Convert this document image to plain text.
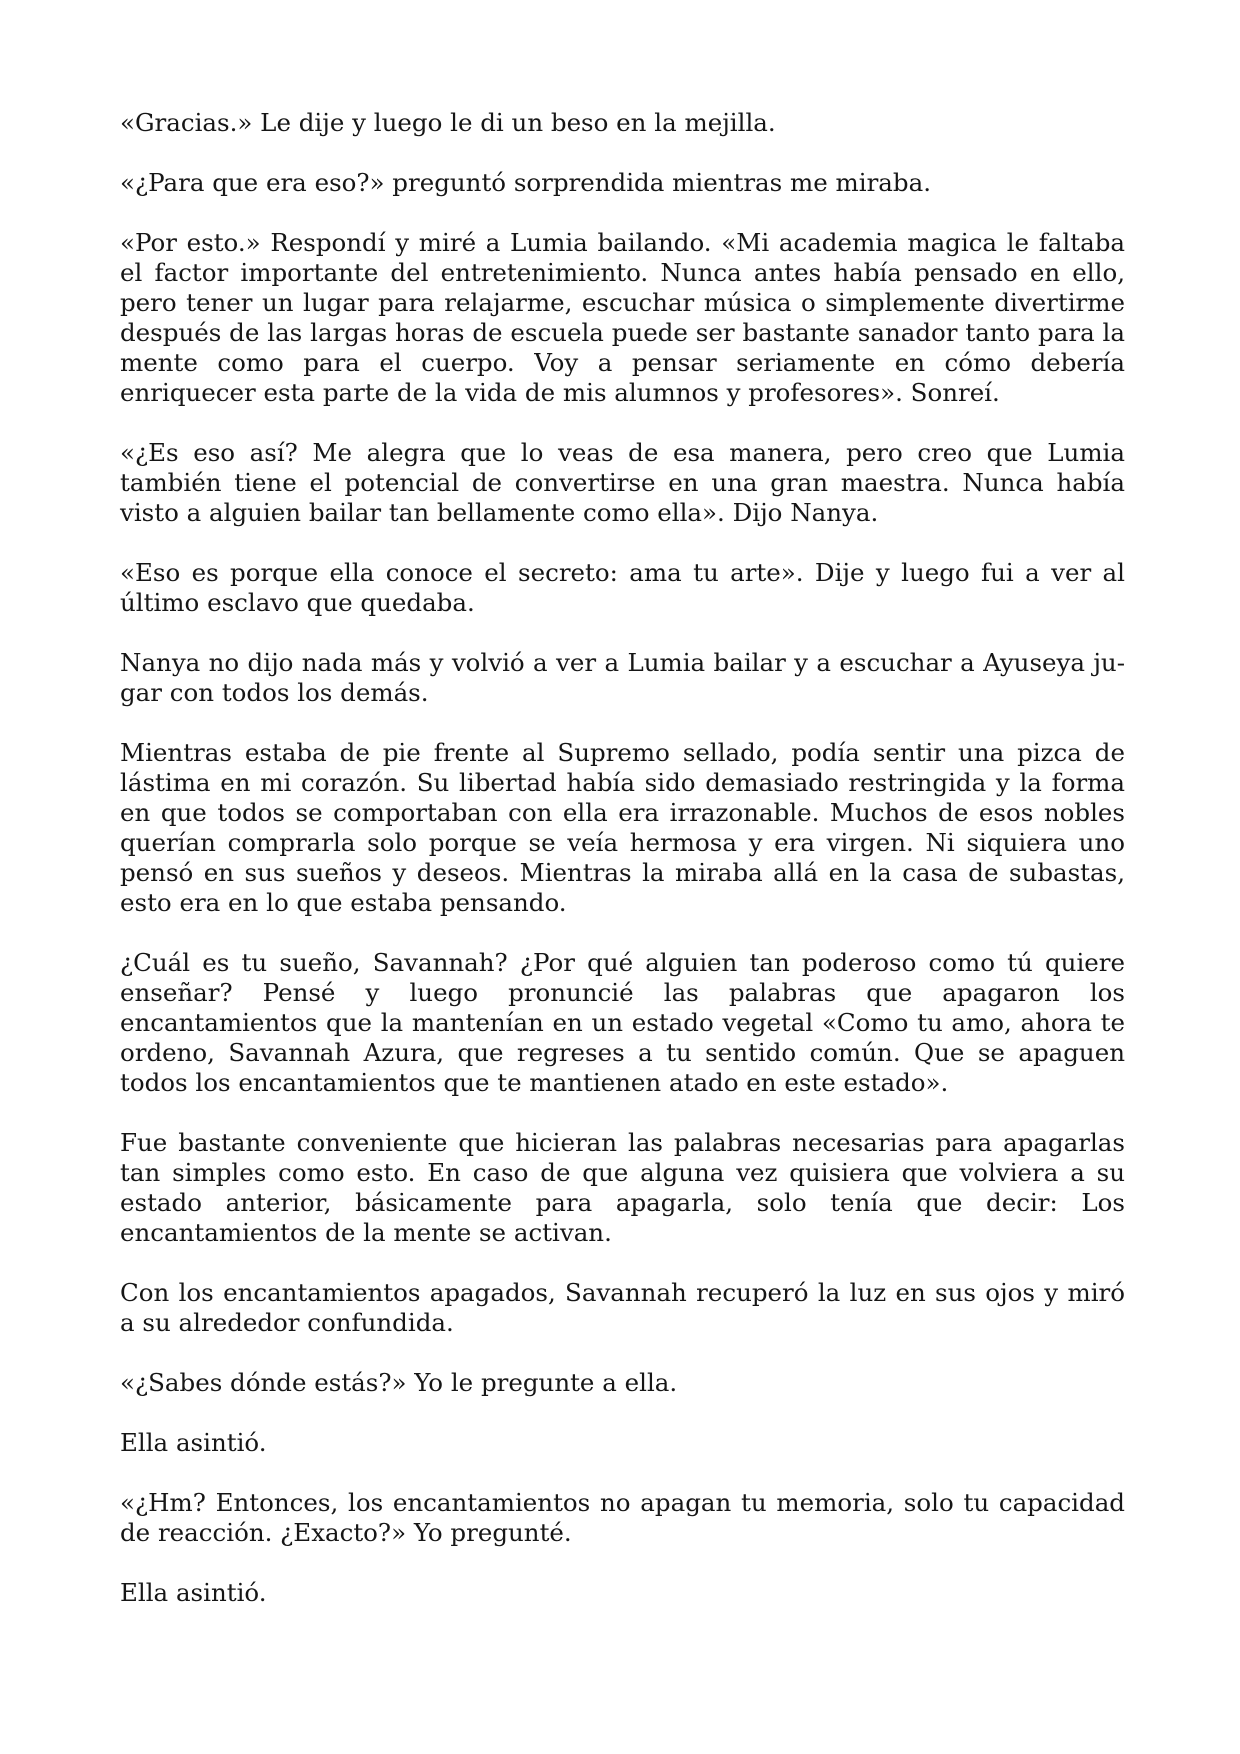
«Gracias.» Le dije y luego le di un beso en la mejilla.

«¿Para que era eso?» preguntó sorprendida mientras me miraba.

«Por esto.» Respondí y miré a Lumia bailando. «Mi academia magica le faltaba el factor importante del entretenimiento. Nunca antes había pensado en ello, pero tener un lugar para relajarme, escuchar música o simplemente divertirme después de las largas horas de escuela puede ser bastante sanador tanto para la mente como para el cuerpo. Voy a pensar seriamente en cómo debería enriquecer esta parte de la vida de mis alumnos y profesores». Sonreí.

«¿Es eso así? Me alegra que lo veas de esa manera, pero creo que Lumia también tiene el potencial de convertirse en una gran maestra. Nunca había visto a alguien bailar tan bellamente como ella». Dijo Nanya.

«Eso es porque ella conoce el secreto: ama tu arte». Dije y luego fui a ver al último esclavo que quedaba.

Nanya no dijo nada más y volvió a ver a Lumia bailar y a escuchar a Ayuseya jugar con todos los demás.

Mientras estaba de pie frente al Supremo sellado, podía sentir una pizca de lástima en mi corazón. Su libertad había sido demasiado restringida y la forma en que todos se comportaban con ella era irrazonable. Muchos de esos nobles querían comprarla solo porque se veía hermosa y era virgen. Ni siquiera uno pensó en sus sueños y deseos. Mientras la miraba allá en la casa de subastas, esto era en lo que estaba pensando.

¿Cuál es tu sueño, Savannah? ¿Por qué alguien tan poderoso como tú quiere enseñar? Pensé y luego pronuncié las palabras que apagaron los encantamientos que la mantenían en un estado vegetal «Como tu amo, ahora te ordeno, Savannah Azura, que regreses a tu sentido común. Que se apaguen todos los encantamientos que te mantienen atado en este estado».

Fue bastante conveniente que hicieran las palabras necesarias para apagarlas tan simples como esto. En caso de que alguna vez quisiera que volviera a su estado anterior, básicamente para apagarla, solo tenía que decir: Los encantamientos de la mente se activan.

Con los encantamientos apagados, Savannah recuperó la luz en sus ojos y miró a su alrededor confundida.

«¿Sabes dónde estás?» Yo le pregunte a ella.

Ella asintió.

«¿Hm? Entonces, los encantamientos no apagan tu memoria, solo tu capacidad de reacción. ¿Exacto?» Yo pregunté.

Ella asintió.
